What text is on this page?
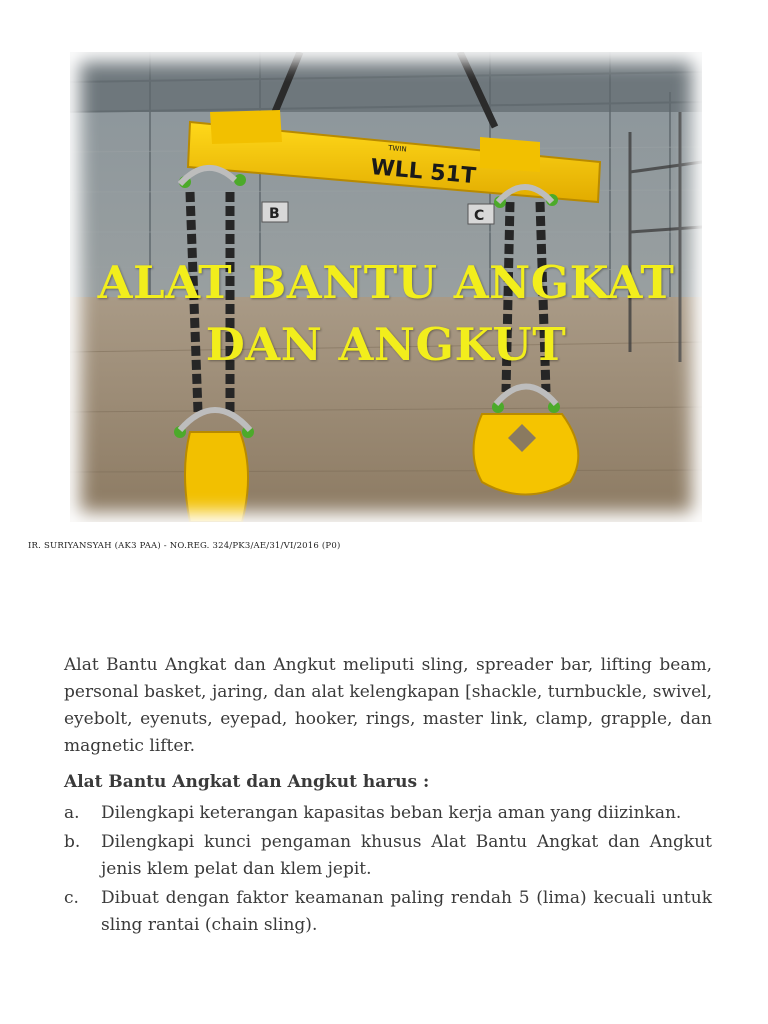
WLL 51T
TWIN
B	C
ALAT BANTU ANGKAT
DAN ANGKUT
IR. SURIYANSYAH (AK3 PAA) - NO.REG. 324/PK3/AE/31/VI/2016 (P0)

Alat Bantu Angkat dan Angkut meliputi sling, spreader bar, lifting beam, personal basket, jaring, dan alat kelengkapan [shackle, turnbuckle, swivel, eyebolt, eyenuts, eyepad, hooker, rings, master link, clamp, grapple, dan magnetic lifter.

Alat Bantu Angkat dan Angkut harus :
a.	Dilengkapi keterangan kapasitas beban kerja aman yang diizinkan.
b.	Dilengkapi kunci pengaman khusus Alat Bantu Angkat dan Angkut jenis klem pelat dan klem jepit.
c.	Dibuat dengan faktor keamanan paling rendah 5 (lima) kecuali untuk sling rantai (chain sling).
